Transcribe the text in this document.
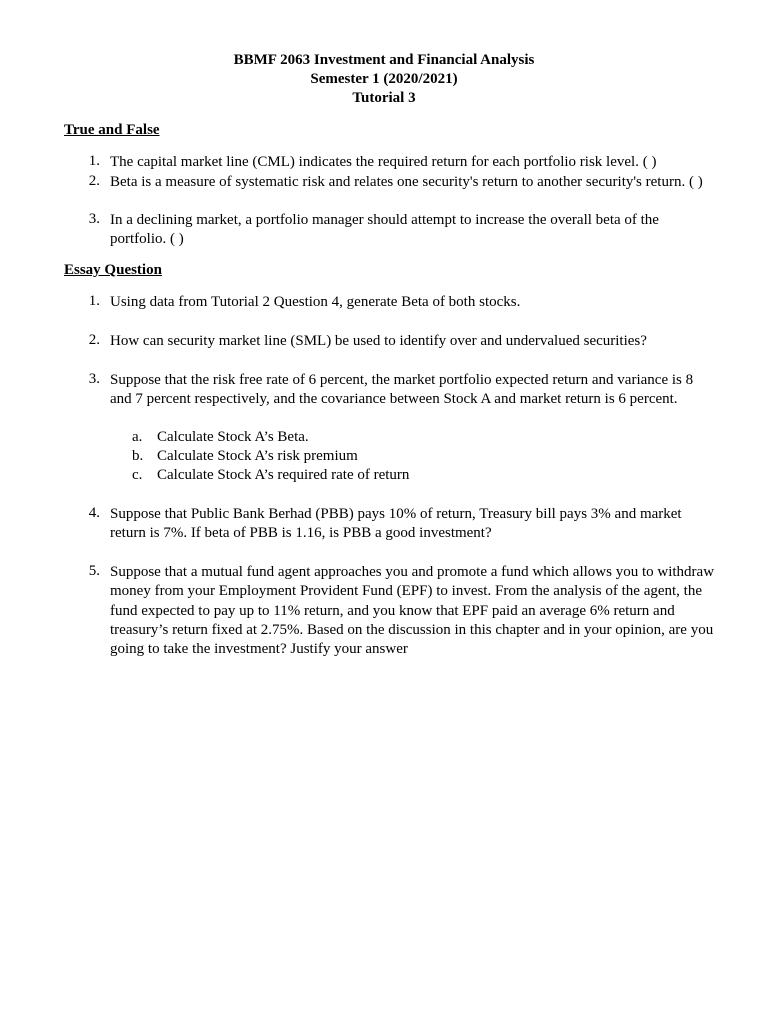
BBMF 2063 Investment and Financial Analysis
Semester 1 (2020/2021)
Tutorial 3
True and False
1. The capital market line (CML) indicates the required return for each portfolio risk level. ( )
2. Beta is a measure of systematic risk and relates one security's return to another security's return. ( )
3. In a declining market, a portfolio manager should attempt to increase the overall beta of the portfolio. ( )
Essay Question
1. Using data from Tutorial 2 Question 4, generate Beta of both stocks.
2. How can security market line (SML) be used to identify over and undervalued securities?
3. Suppose that the risk free rate of 6 percent, the market portfolio expected return and variance is 8 and 7 percent respectively, and the covariance between Stock A and market return is 6 percent.
a. Calculate Stock A’s Beta.
b. Calculate Stock A’s risk premium
c. Calculate Stock A’s required rate of return
4. Suppose that Public Bank Berhad (PBB) pays 10% of return, Treasury bill pays 3% and market return is 7%. If beta of PBB is 1.16, is PBB a good investment?
5. Suppose that a mutual fund agent approaches you and promote a fund which allows you to withdraw money from your Employment Provident Fund (EPF) to invest. From the analysis of the agent, the fund expected to pay up to 11% return, and you know that EPF paid an average 6% return and treasury’s return fixed at 2.75%. Based on the discussion in this chapter and in your opinion, are you going to take the investment? Justify your answer
